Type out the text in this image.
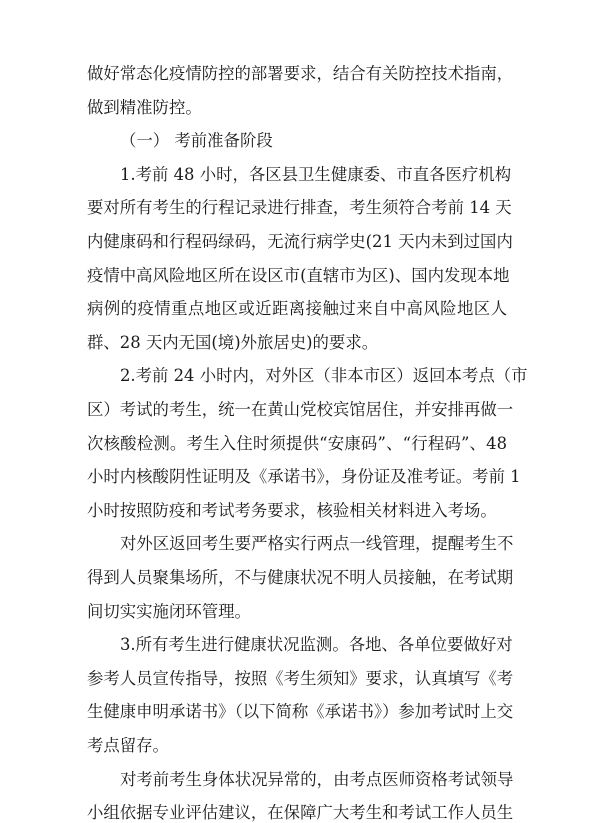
做好常态化疫情防控的部署要求，结合有关防控技术指南，
做到精准防控。
（一） 考前准备阶段
1.考前 48 小时，各区县卫生健康委、市直各医疗机构
要对所有考生的行程记录进行排查，考生须符合考前 14 天
内健康码和行程码绿码，无流行病学史(21 天内未到过国内
疫情中高风险地区所在设区市(直辖市为区)、国内发现本地
病例的疫情重点地区或近距离接触过来自中高风险地区人
群、28 天内无国(境)外旅居史)的要求。
2.考前 24 小时内，对外区（非本市区）返回本考点（市
区）考试的考生，统一在黄山党校宾馆居住，并安排再做一
次核酸检测。考生入住时须提供“安康码”、“行程码”、48
小时内核酸阴性证明及《承诺书》，身份证及准考证。考前 1
小时按照防疫和考试考务要求，核验相关材料进入考场。
对外区返回考生要严格实行两点一线管理，提醒考生不
得到人员聚集场所，不与健康状况不明人员接触，在考试期
间切实实施闭环管理。
3.所有考生进行健康状况监测。各地、各单位要做好对
参考人员宣传指导，按照《考生须知》要求，认真填写《考
生健康申明承诺书》（以下简称《承诺书》）参加考试时上交
考点留存。
对考前考生身体状况异常的，由考点医师资格考试领导
小组依据专业评估建议，在保障广大考生和考试工作人员生
